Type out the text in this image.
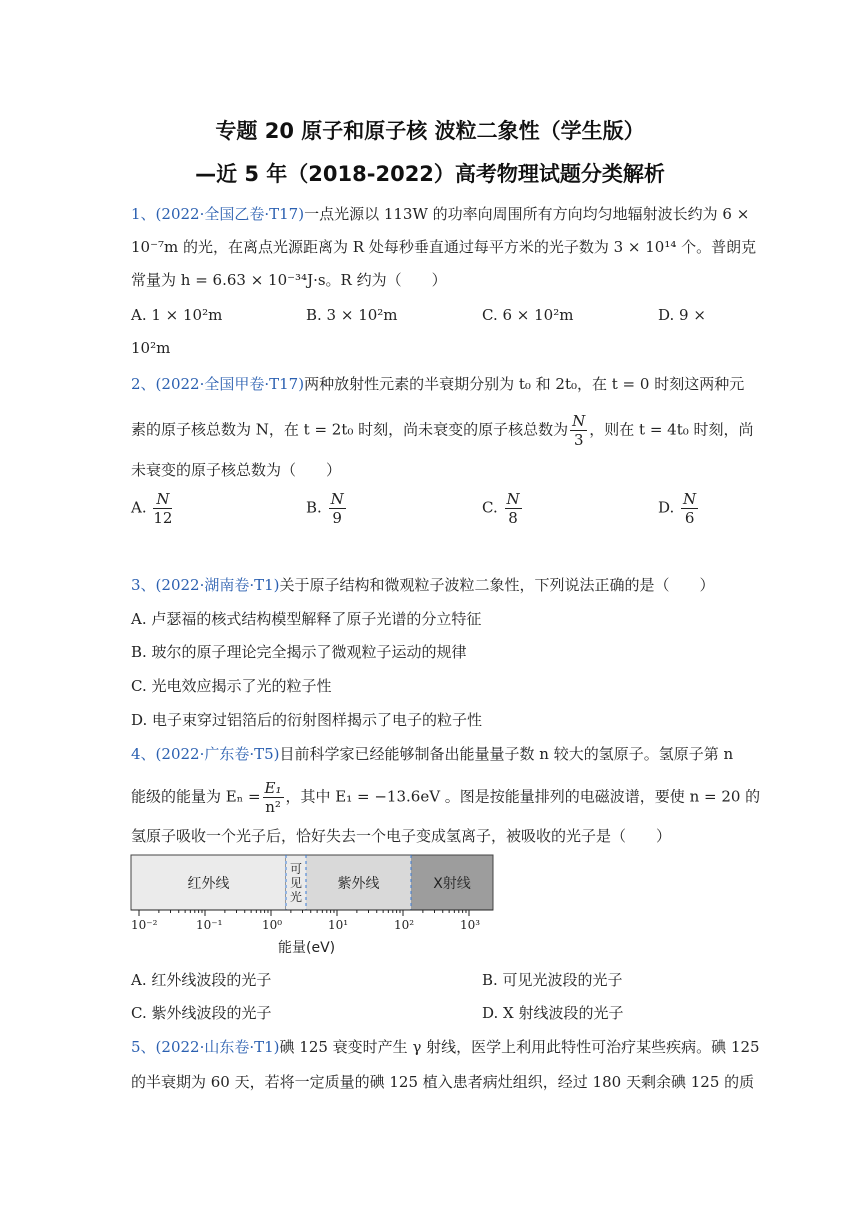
专题 20 原子和原子核 波粒二象性（学生版）
—近 5 年（2018-2022）高考物理试题分类解析
1、(2022·全国乙卷·T17)一点光源以 113W 的功率向周围所有方向均匀地辐射波长约为 6 ×
10⁻⁷m 的光，在离点光源距离为 R 处每秒垂直通过每平方米的光子数为 3 × 10¹⁴ 个。普朗克
常量为 h = 6.63 × 10⁻³⁴J·s。R 约为（　　）
A. 1 × 10²m	B. 3 × 10²m	C. 6 × 10²m	D. 9 ×
10²m
2、(2022·全国甲卷·T17)两种放射性元素的半衰期分别为 t₀ 和 2t₀，在 t = 0 时刻这两种元
素的原子核总数为 N，在 t = 2t₀ 时刻，尚未衰变的原子核总数为 $\frac{N}{3}$ ，则在 t = 4t₀ 时刻，尚
未衰变的原子核总数为（　　）
A. $\frac{N}{12}$	B. $\frac{N}{9}$	C. $\frac{N}{8}$	D. $\frac{N}{6}$
3、(2022·湖南卷·T1)关于原子结构和微观粒子波粒二象性，下列说法正确的是（　　）
A. 卢瑟福的核式结构模型解释了原子光谱的分立特征
B. 玻尔的原子理论完全揭示了微观粒子运动的规律
C. 光电效应揭示了光的粒子性
D. 电子束穿过铝箔后的衍射图样揭示了电子的粒子性
4、(2022·广东卷·T5)目前科学家已经能够制备出能量量子数 n 较大的氢原子。氢原子第 n
能级的能量为 $E_n = \frac{\text{E₁}}{\text{n²}}$ ，其中 E₁ = −13.6eV 。图是按能量排列的电磁波谱，要使 n = 20 的
氢原子吸收一个光子后，恰好失去一个电子变成氢离子，被吸收的光子是（　　）
红外线
可
见
光
紫外线	X射线
10⁻²	10⁻¹	10⁰	10¹	10²	10³
能量(eV)
A. 红外线波段的光子	B. 可见光波段的光子
C. 紫外线波段的光子	D. X 射线波段的光子
5、(2022·山东卷·T1)碘 125 衰变时产生 γ 射线，医学上利用此特性可治疗某些疾病。碘 125
的半衰期为 60 天，若将一定质量的碘 125 植入患者病灶组织，经过 180 天剩余碘 125 的质
